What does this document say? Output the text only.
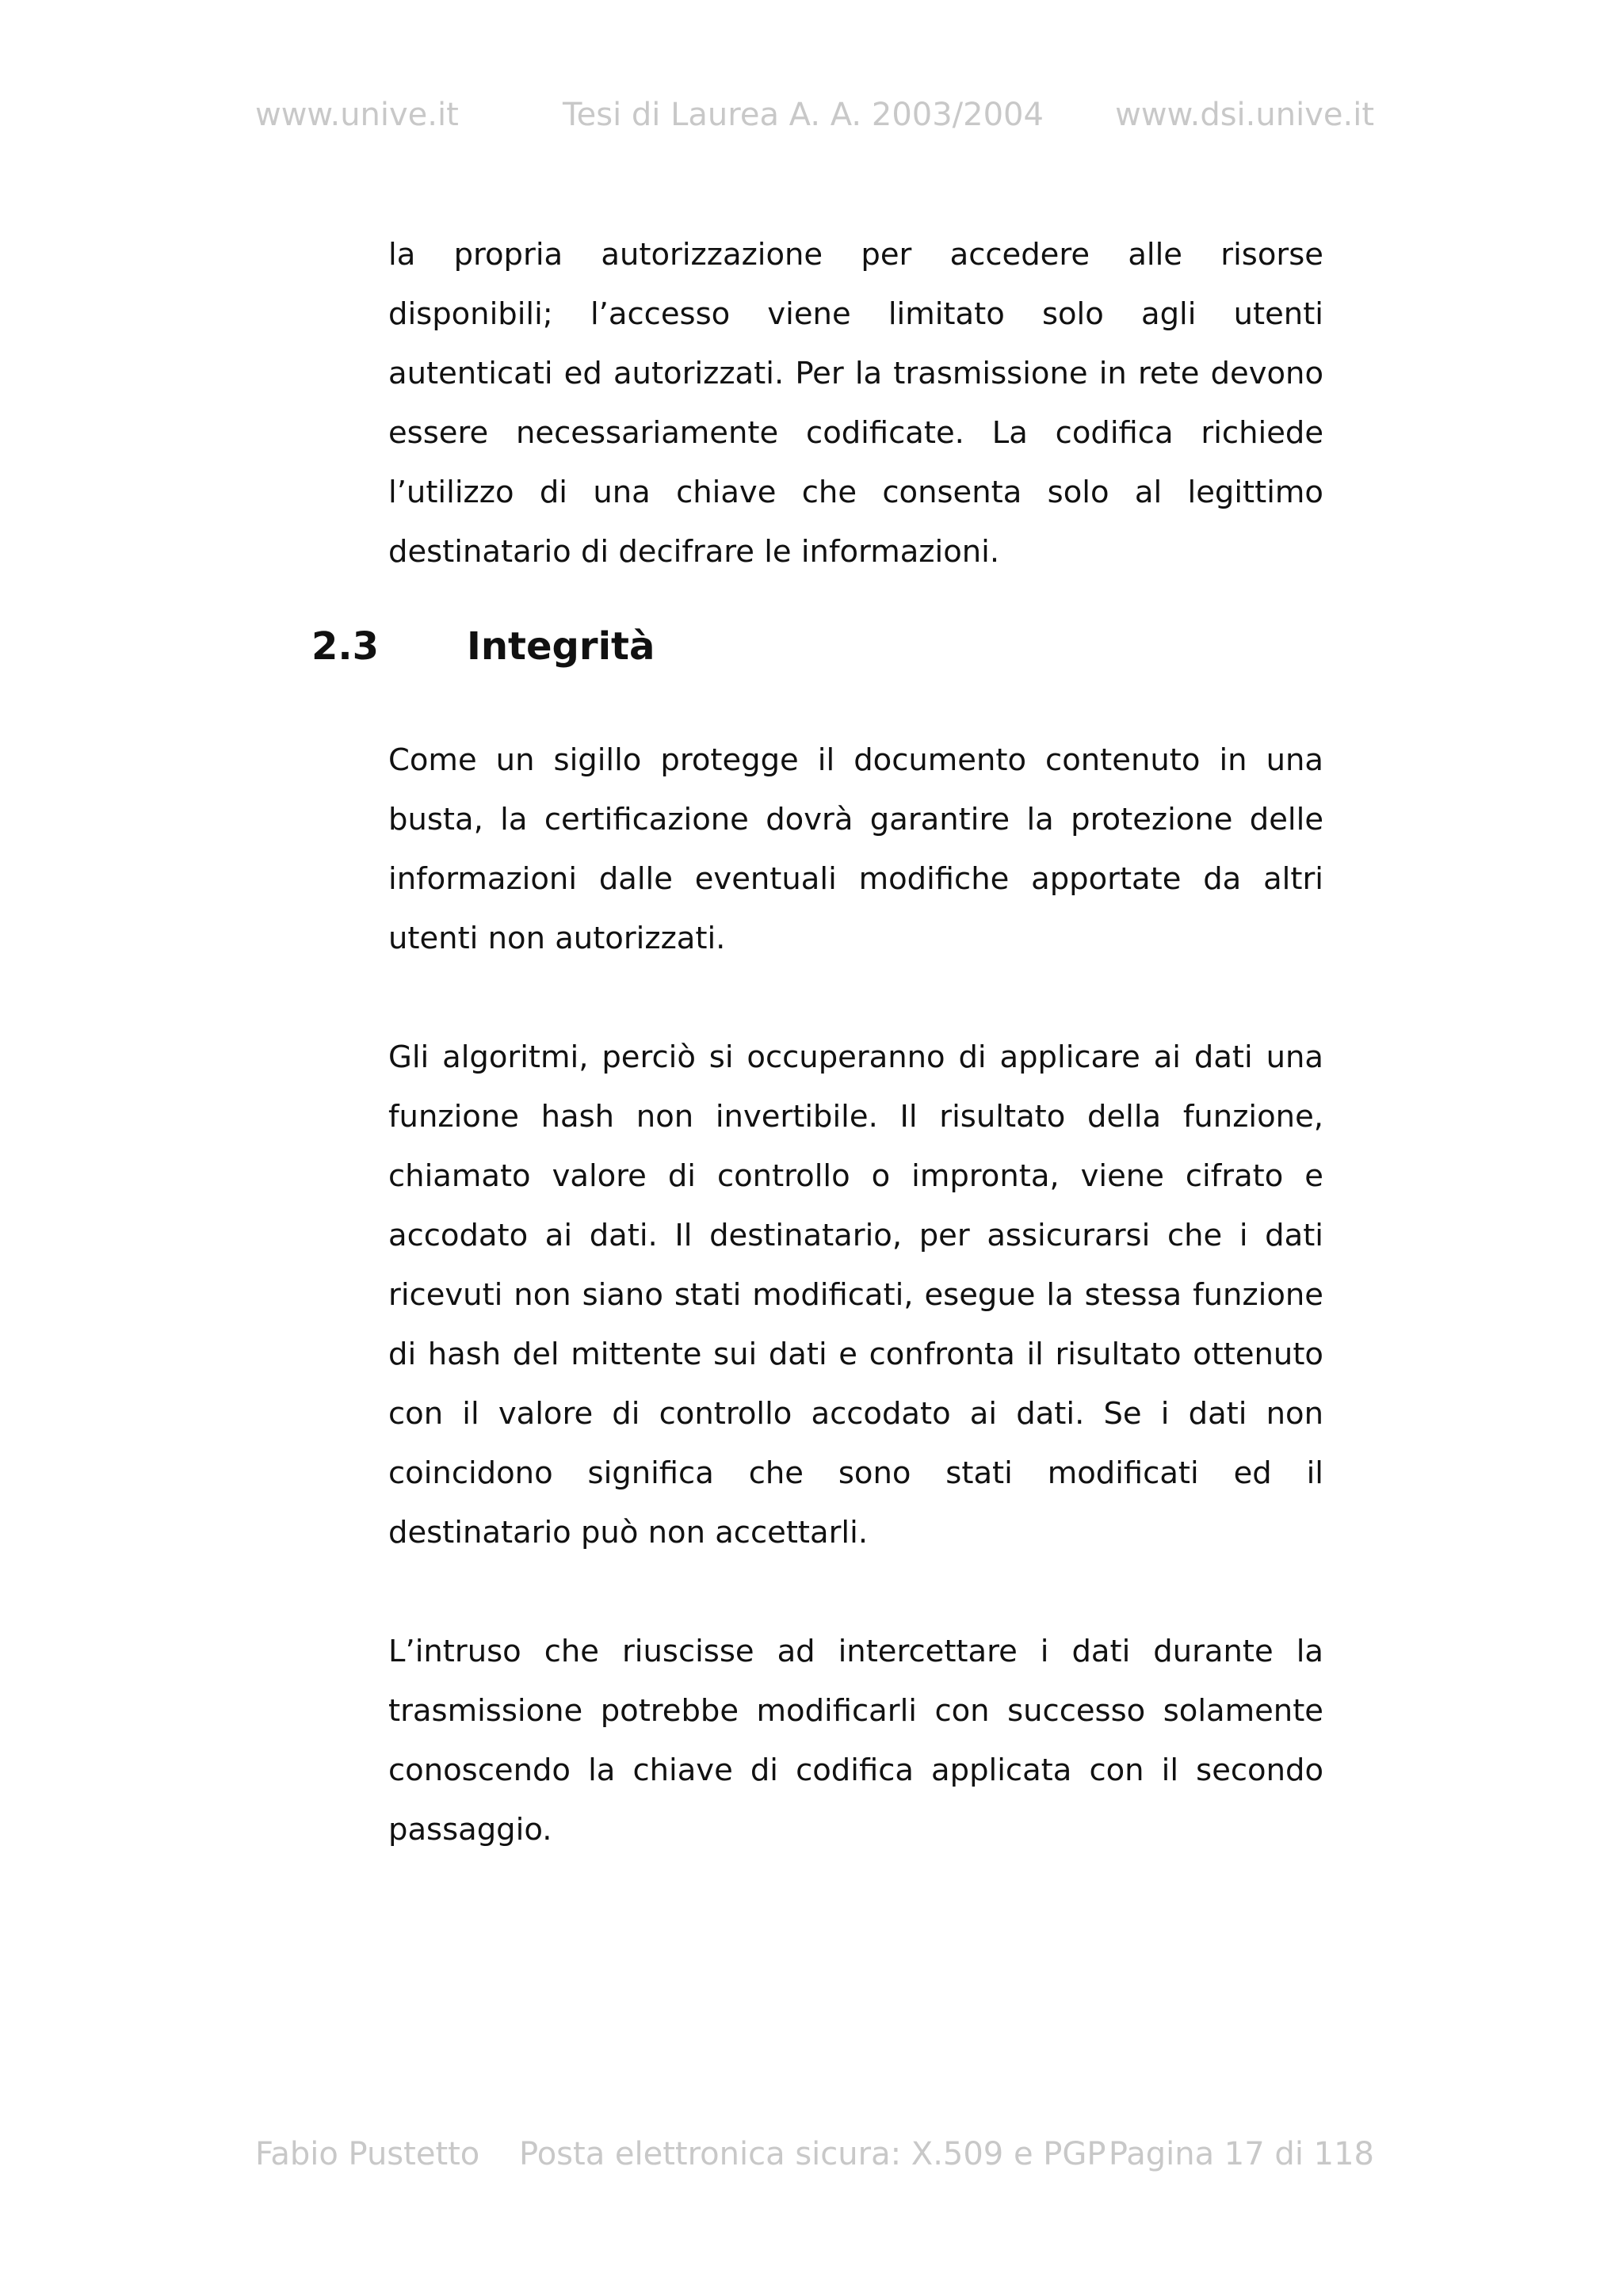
www.unive.it	Tesi di Laurea A. A. 2003/2004 www.dsi.unive.it

la propria autorizzazione per accedere alle risorse disponibili; l’accesso viene limitato solo agli utenti autenticati ed autorizzati. Per la trasmissione in rete devono essere necessariamente codificate. La codifica richiede l’utilizzo di una chiave che consenta solo al legittimo destinatario di decifrare le informazioni.

2.3 Integrità

Come un sigillo protegge il documento contenuto in una busta, la certificazione dovrà garantire la protezione delle informazioni dalle eventuali modifiche apportate da altri utenti non autorizzati.

Gli algoritmi, perciò si occuperanno di applicare ai dati una funzione hash non invertibile. Il risultato della funzione, chiamato valore di controllo o impronta, viene cifrato e accodato ai dati. Il destinatario, per assicurarsi che i dati ricevuti non siano stati modificati, esegue la stessa funzione di hash del mittente sui dati e confronta il risultato ottenuto con il valore di controllo accodato ai dati. Se i dati non coincidono significa che sono stati modificati ed il destinatario può non accettarli.

L’intruso che riuscisse ad intercettare i dati durante la trasmissione potrebbe modificarli con successo solamente conoscendo la chiave di codifica applicata con il secondo passaggio.

Fabio Pustetto Posta elettronica sicura: X.509 e PGP Pagina 17 di 118
